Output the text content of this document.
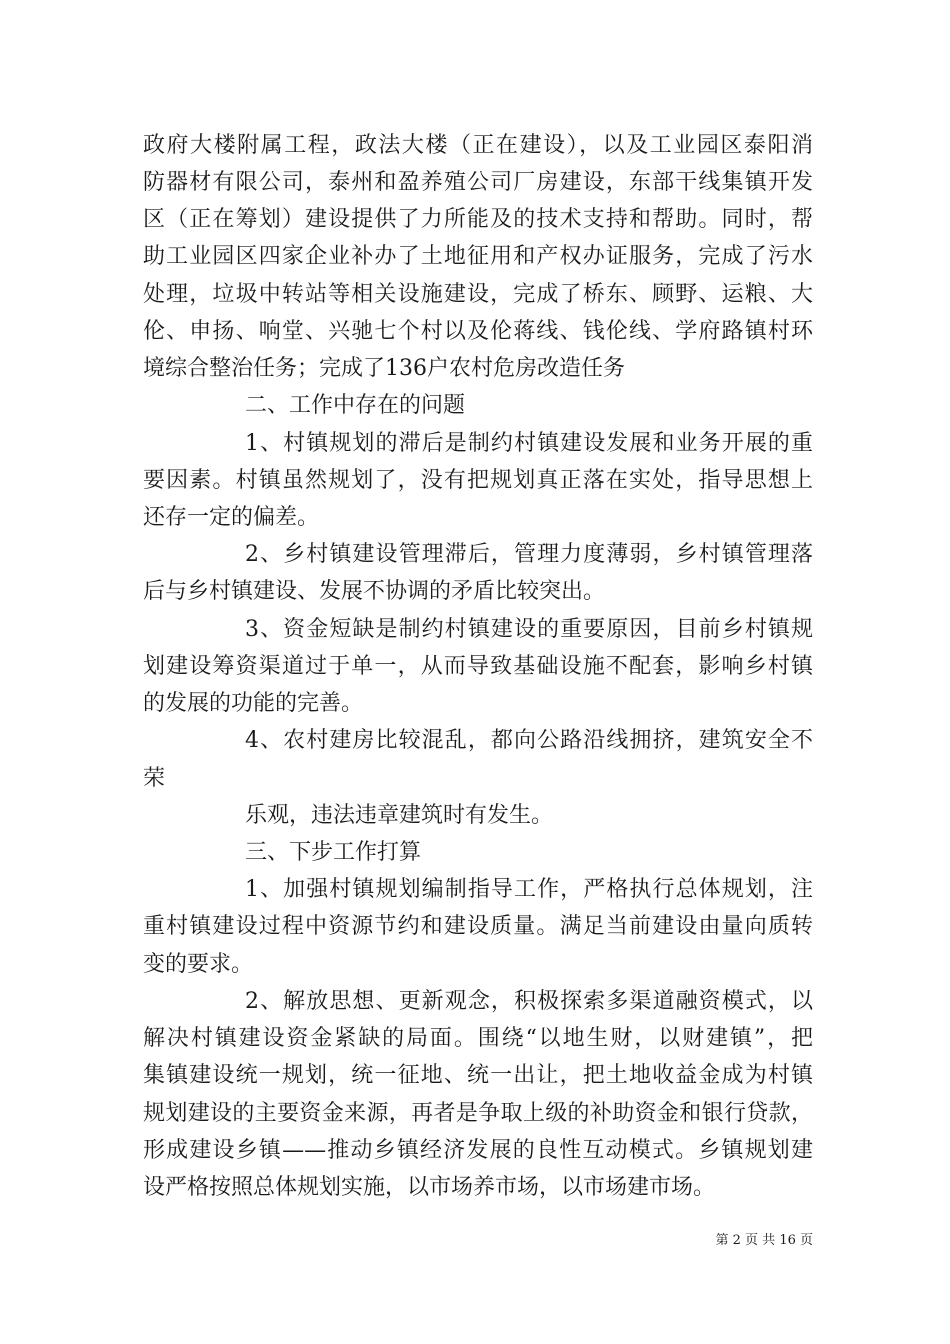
政府大楼附属工程，政法大楼（正在建设），以及工业园区泰阳消
防器材有限公司，泰州和盈养殖公司厂房建设，东部干线集镇开发
区（正在筹划）建设提供了力所能及的技术支持和帮助。同时，帮
助工业园区四家企业补办了土地征用和产权办证服务，完成了污水
处理，垃圾中转站等相关设施建设，完成了桥东、顾野、运粮、大
伦、申扬、响堂、兴驰七个村以及伦蒋线、钱伦线、学府路镇村环
境综合整治任务；完成了136户农村危房改造任务
二、工作中存在的问题
1、村镇规划的滞后是制约村镇建设发展和业务开展的重
要因素。村镇虽然规划了，没有把规划真正落在实处，指导思想上
还存一定的偏差。
2、乡村镇建设管理滞后，管理力度薄弱，乡村镇管理落
后与乡村镇建设、发展不协调的矛盾比较突出。
3、资金短缺是制约村镇建设的重要原因，目前乡村镇规
划建设筹资渠道过于单一，从而导致基础设施不配套，影响乡村镇
的发展的功能的完善。
4、农村建房比较混乱，都向公路沿线拥挤，建筑安全不
荣
乐观，违法违章建筑时有发生。
三、下步工作打算
1、加强村镇规划编制指导工作，严格执行总体规划，注
重村镇建设过程中资源节约和建设质量。满足当前建设由量向质转
变的要求。
2、解放思想、更新观念，积极探索多渠道融资模式，以
解决村镇建设资金紧缺的局面。围绕“以地生财，以财建镇”，把
集镇建设统一规划，统一征地、统一出让，把土地收益金成为村镇
规划建设的主要资金来源，再者是争取上级的补助资金和银行贷款，
形成建设乡镇——推动乡镇经济发展的良性互动模式。乡镇规划建
设严格按照总体规划实施，以市场养市场，以市场建市场。
第 2 页 共 16 页
